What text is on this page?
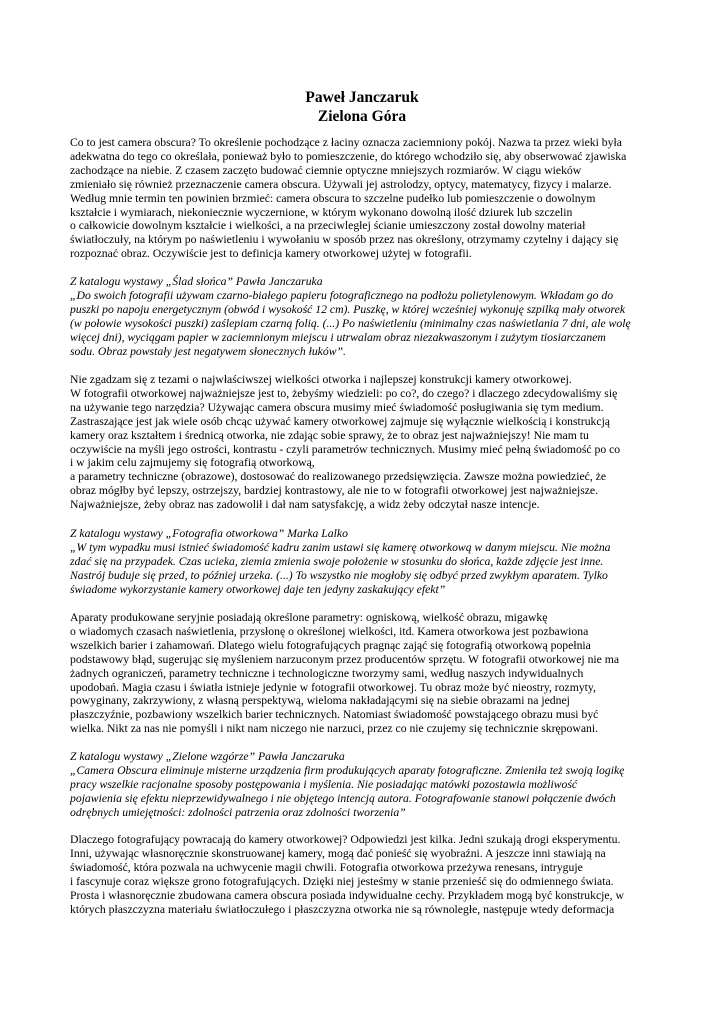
Paweł Janczaruk
Zielona Góra
Co to jest camera obscura? To określenie pochodzące z łaciny oznacza zaciemniony pokój. Nazwa ta przez wieki była
adekwatna do tego co określała, ponieważ było to pomieszczenie, do którego wchodziło się, aby obserwować zjawiska
zachodzące na niebie. Z czasem zaczęto budować ciemnie optyczne mniejszych rozmiarów. W ciągu wieków
zmieniało się również przeznaczenie camera obscura. Używali jej astrolodzy, optycy, matematycy, fizycy i malarze.
Według mnie termin ten powinien brzmieć: camera obscura to szczelne pudełko lub pomieszczenie o dowolnym
kształcie i wymiarach, niekoniecznie wyczernione, w którym wykonano dowolną ilość dziurek lub szczelin
o całkowicie dowolnym kształcie i wielkości, a na przeciwległej ścianie umieszczony został dowolny materiał
światłoczuły, na którym po naświetleniu i wywołaniu w sposób przez nas określony, otrzymamy czytelny i dający się
rozpoznać obraz. Oczywiście jest to definicja kamery otworkowej użytej w fotografii.
Z katalogu wystawy „Ślad słońca” Pawła Janczaruka
„Do swoich fotografii używam czarno-białego papieru fotograficznego na podłożu polietylenowym. Wkładam go do
puszki po napoju energetycznym (obwód i wysokość 12 cm). Puszkę, w której wcześniej wykonuję szpilką mały otworek
(w połowie wysokości puszki) zaślepiam czarną folią. (...) Po naświetleniu (minimalny czas naświetlania 7 dni, ale wolę
więcej dni), wyciągam papier w zaciemnionym miejscu i utrwalam obraz niezakwaszonym i zużytym tiosiarczanem
sodu. Obraz powstały jest negatywem słonecznych łuków”.
Nie zgadzam się z tezami o najwłaściwszej wielkości otworka i najlepszej konstrukcji kamery otworkowej.
W fotografii otworkowej najważniejsze jest to, żebyśmy wiedzieli: po co?, do czego? i dlaczego zdecydowaliśmy się
na używanie tego narzędzia? Używając camera obscura musimy mieć świadomość posługiwania się tym medium.
Zastraszające jest jak wiele osób chcąc używać kamery otworkowej zajmuje się wyłącznie wielkością i konstrukcją
kamery oraz kształtem i średnicą otworka, nie zdając sobie sprawy, że to obraz jest najważniejszy! Nie mam tu
oczywiście na myśli jego ostrości, kontrastu - czyli parametrów technicznych. Musimy mieć pełną świadomość po co
i w jakim celu zajmujemy się fotografią otworkową,
a parametry techniczne (obrazowe), dostosować do realizowanego przedsięwzięcia. Zawsze można powiedzieć, że
obraz mógłby być lepszy, ostrzejszy, bardziej kontrastowy, ale nie to w fotografii otworkowej jest najważniejsze.
Najważniejsze, żeby obraz nas zadowolił i dał nam satysfakcję, a widz żeby odczytał nasze intencje.
Z katalogu wystawy „Fotografia otworkowa” Marka Lalko
„W tym wypadku musi istnieć świadomość kadru zanim ustawi się kamerę otworkową w danym miejscu. Nie można
zdać się na przypadek. Czas ucieka, ziemia zmienia swoje położenie w stosunku do słońca, każde zdjęcie jest inne.
Nastrój buduje się przed, to później urzeka. (...) To wszystko nie mogłoby się odbyć przed zwykłym aparatem. Tylko
świadome wykorzystanie kamery otworkowej daje ten jedyny zaskakujący efekt”
Aparaty produkowane seryjnie posiadają określone parametry: ogniskową, wielkość obrazu, migawkę
o wiadomych czasach naświetlenia, przysłonę o określonej wielkości, itd. Kamera otworkowa jest pozbawiona
wszelkich barier i zahamowań. Dlatego wielu fotografujących pragnąc zająć się fotografią otworkową popełnia
podstawowy błąd, sugerując się myśleniem narzuconym przez producentów sprzętu. W fotografii otworkowej nie ma
żadnych ograniczeń, parametry techniczne i technologiczne tworzymy sami, według naszych indywidualnych
upodobań. Magia czasu i światła istnieje jedynie w fotografii otworkowej. Tu obraz może być nieostry, rozmyty,
powyginany, zakrzywiony, z własną perspektywą, wieloma nakładającymi się na siebie obrazami na jednej
płaszczyźnie, pozbawiony wszelkich barier technicznych. Natomiast świadomość powstającego obrazu musi być
wielka. Nikt za nas nie pomyśli i nikt nam niczego nie narzuci, przez co nie czujemy się technicznie skrępowani.
Z katalogu wystawy „Zielone wzgórze” Pawła Janczaruka
„Camera Obscura eliminuje misterne urządzenia firm produkujących aparaty fotograficzne. Zmieniła też swoją logikę
pracy wszelkie racjonalne sposoby postępowania i myślenia. Nie posiadając matówki pozostawia możliwość
pojawienia się efektu nieprzewidywalnego i nie objętego intencją autora. Fotografowanie stanowi połączenie dwóch
odrębnych umiejętności: zdolności patrzenia oraz zdolności tworzenia”
Dlaczego fotografujący powracają do kamery otworkowej? Odpowiedzi jest kilka. Jedni szukają drogi eksperymentu.
Inni, używając własnoręcznie skonstruowanej kamery, mogą dać ponieść się wyobraźni. A jeszcze inni stawiają na
świadomość, która pozwala na uchwycenie magii chwili. Fotografia otworkowa przeżywa renesans, intryguje
i fascynuje coraz większe grono fotografujących. Dzięki niej jesteśmy w stanie przenieść się do odmiennego świata.
Prosta i własnoręcznie zbudowana camera obscura posiada indywidualne cechy. Przykładem mogą być konstrukcje, w
których płaszczyzna materiału światłoczułego i płaszczyzna otworka nie są równoległe, następuje wtedy deformacja
